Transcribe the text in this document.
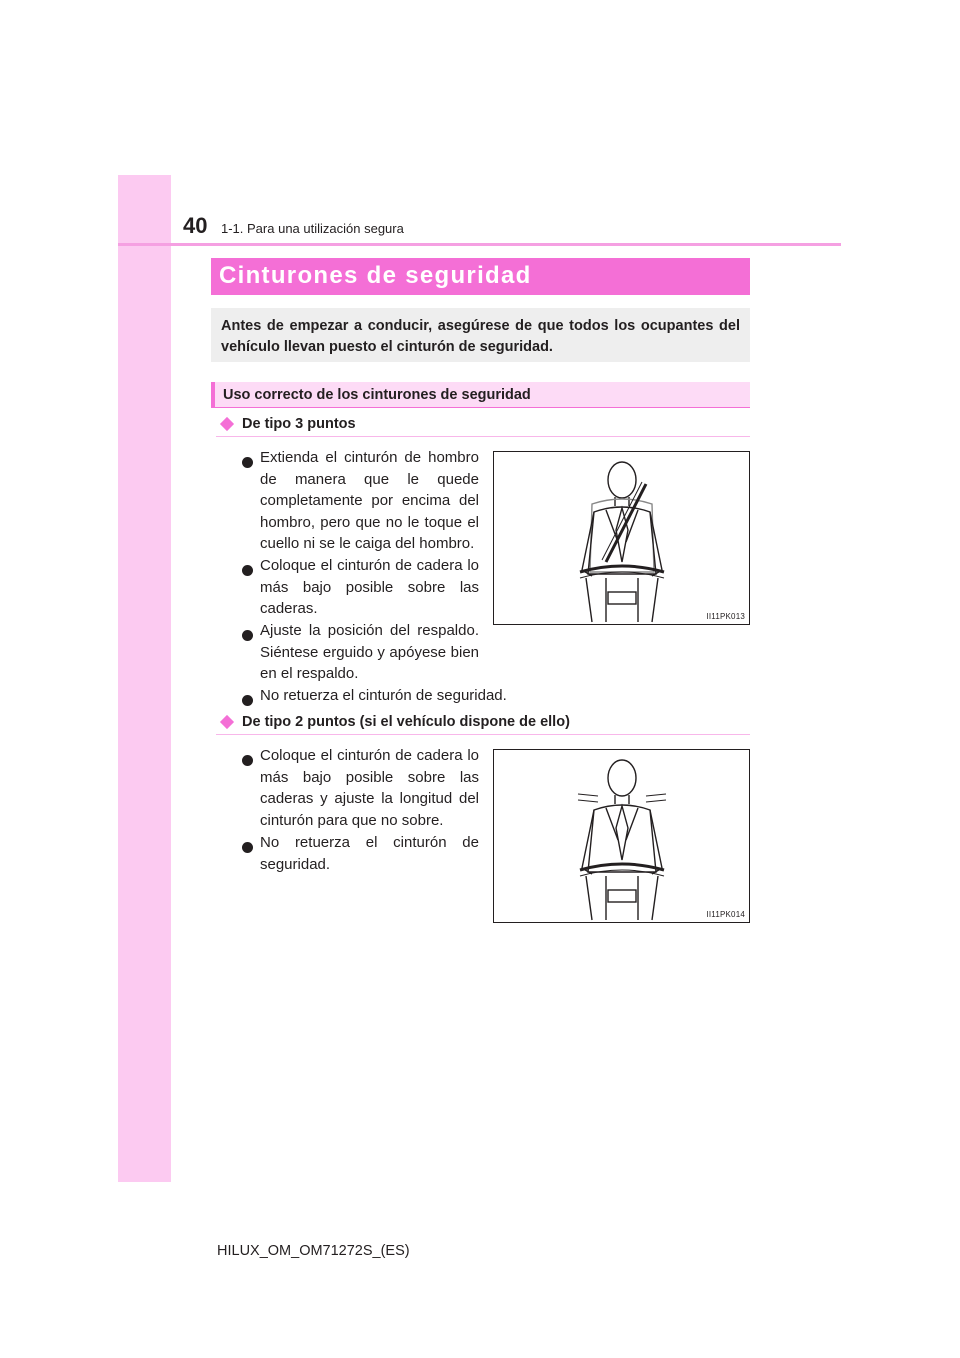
40 1-1. Para una utilización segura
Cinturones de seguridad
Antes de empezar a conducir, asegúrese de que todos los ocupantes del vehículo llevan puesto el cinturón de seguridad.
Uso correcto de los cinturones de seguridad
De tipo 3 puntos
Extienda el cinturón de hombro de manera que le quede completamente por encima del hombro, pero que no le toque el cuello ni se le caiga del hombro.
Coloque el cinturón de cadera lo más bajo posible sobre las caderas.
Ajuste la posición del respaldo. Siéntese erguido y apóyese bien en el respaldo.
No retuerza el cinturón de seguridad.
II11PK013
De tipo 2 puntos (si el vehículo dispone de ello)
Coloque el cinturón de cadera lo más bajo posible sobre las caderas y ajuste la longitud del cinturón para que no sobre.
No retuerza el cinturón de seguridad.
II11PK014
HILUX_OM_OM71272S_(ES)
